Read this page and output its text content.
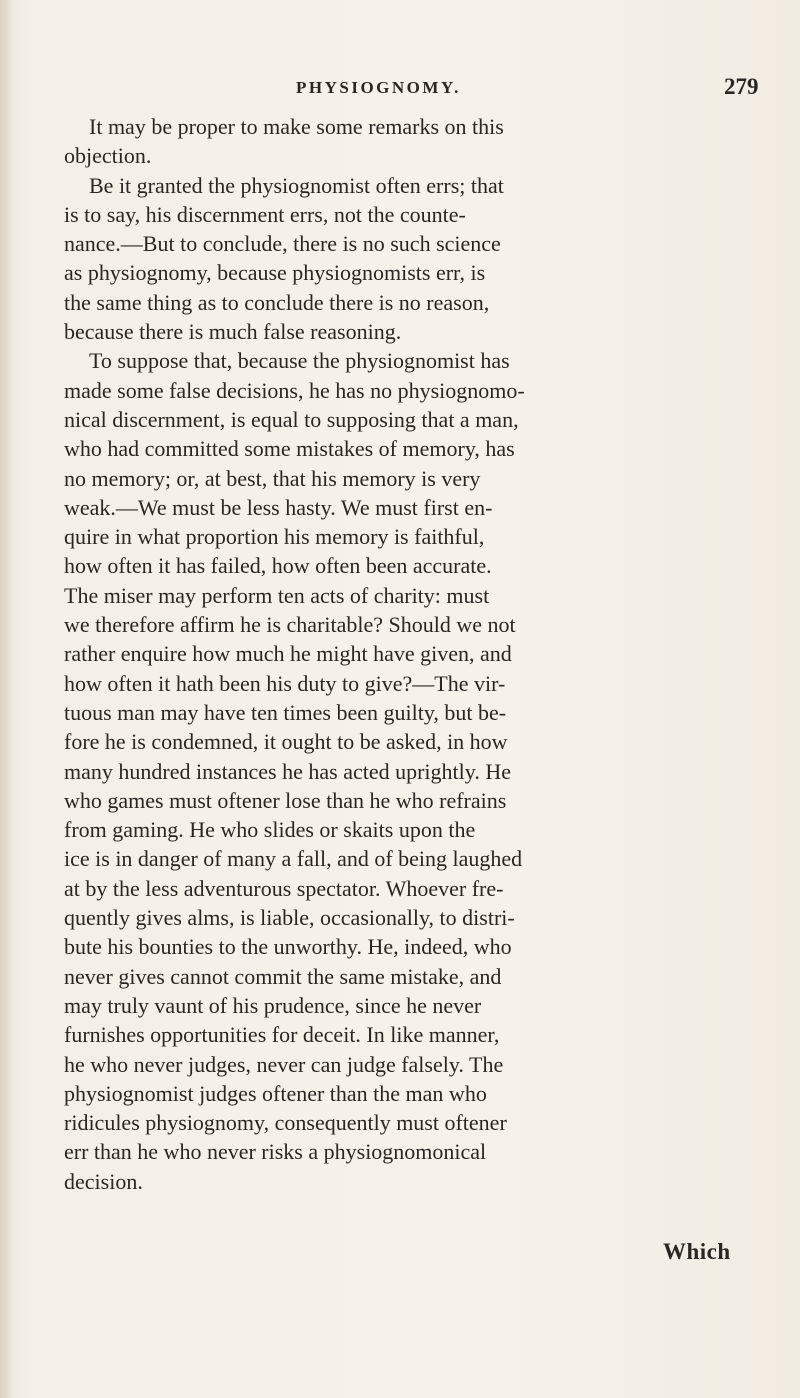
PHYSIOGNOMY.	279
It may be proper to make some remarks on this
objection.
Be it granted the physiognomist often errs; that
is to say, his discernment errs, not the counte-
nance.—But to conclude, there is no such science
as physiognomy, because physiognomists err, is
the same thing as to conclude there is no reason,
because there is much false reasoning.
To suppose that, because the physiognomist has
made some false decisions, he has no physiognomo-
nical discernment, is equal to supposing that a man,
who had committed some mistakes of memory, has
no memory; or, at best, that his memory is very
weak.—We must be less hasty. We must first en-
quire in what proportion his memory is faithful,
how often it has failed, how often been accurate.
The miser may perform ten acts of charity: must
we therefore affirm he is charitable? Should we not
rather enquire how much he might have given, and
how often it hath been his duty to give?—The vir-
tuous man may have ten times been guilty, but be-
fore he is condemned, it ought to be asked, in how
many hundred instances he has acted uprightly. He
who games must oftener lose than he who refrains
from gaming. He who slides or skaits upon the
ice is in danger of many a fall, and of being laughed
at by the less adventurous spectator. Whoever fre-
quently gives alms, is liable, occasionally, to distri-
bute his bounties to the unworthy. He, indeed, who
never gives cannot commit the same mistake, and
may truly vaunt of his prudence, since he never
furnishes opportunities for deceit. In like manner,
he who never judges, never can judge falsely. The
physiognomist judges oftener than the man who
ridicules physiognomy, consequently must oftener
err than he who never risks a physiognomonical
decision.
Which
